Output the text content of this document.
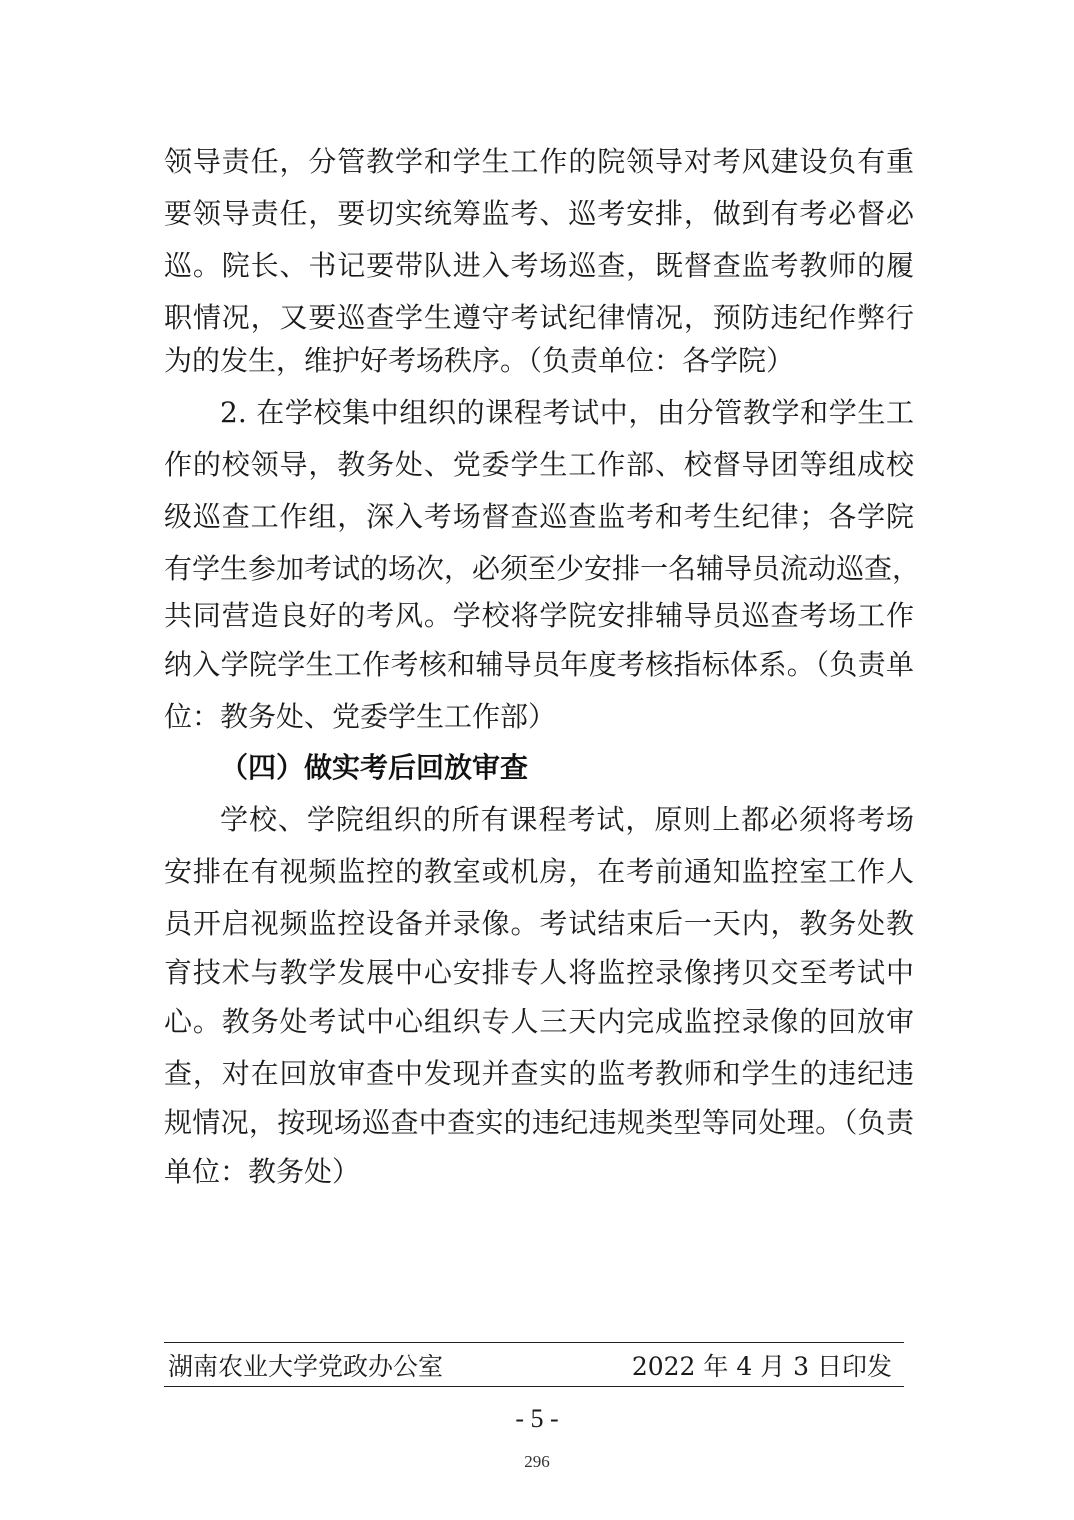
领导责任，分管教学和学生工作的院领导对考风建设负有重
要领导责任，要切实统筹监考、巡考安排，做到有考必督必
巡。院长、书记要带队进入考场巡查，既督查监考教师的履
职情况，又要巡查学生遵守考试纪律情况，预防违纪作弊行
为的发生，维护好考场秩序。（负责单位：各学院）
2. 在学校集中组织的课程考试中，由分管教学和学生工
作的校领导，教务处、党委学生工作部、校督导团等组成校
级巡查工作组，深入考场督查巡查监考和考生纪律；各学院
有学生参加考试的场次，必须至少安排一名辅导员流动巡查，
共同营造良好的考风。学校将学院安排辅导员巡查考场工作
纳入学院学生工作考核和辅导员年度考核指标体系。（负责单
位：教务处、党委学生工作部）
（四）做实考后回放审查
学校、学院组织的所有课程考试，原则上都必须将考场
安排在有视频监控的教室或机房，在考前通知监控室工作人
员开启视频监控设备并录像。考试结束后一天内，教务处教
育技术与教学发展中心安排专人将监控录像拷贝交至考试中
心。教务处考试中心组织专人三天内完成监控录像的回放审
查，对在回放审查中发现并查实的监考教师和学生的违纪违
规情况，按现场巡查中查实的违纪违规类型等同处理。（负责
单位：教务处）
湖南农业大学党政办公室	2022 年 4 月 3 日印发
- 5 -
296
